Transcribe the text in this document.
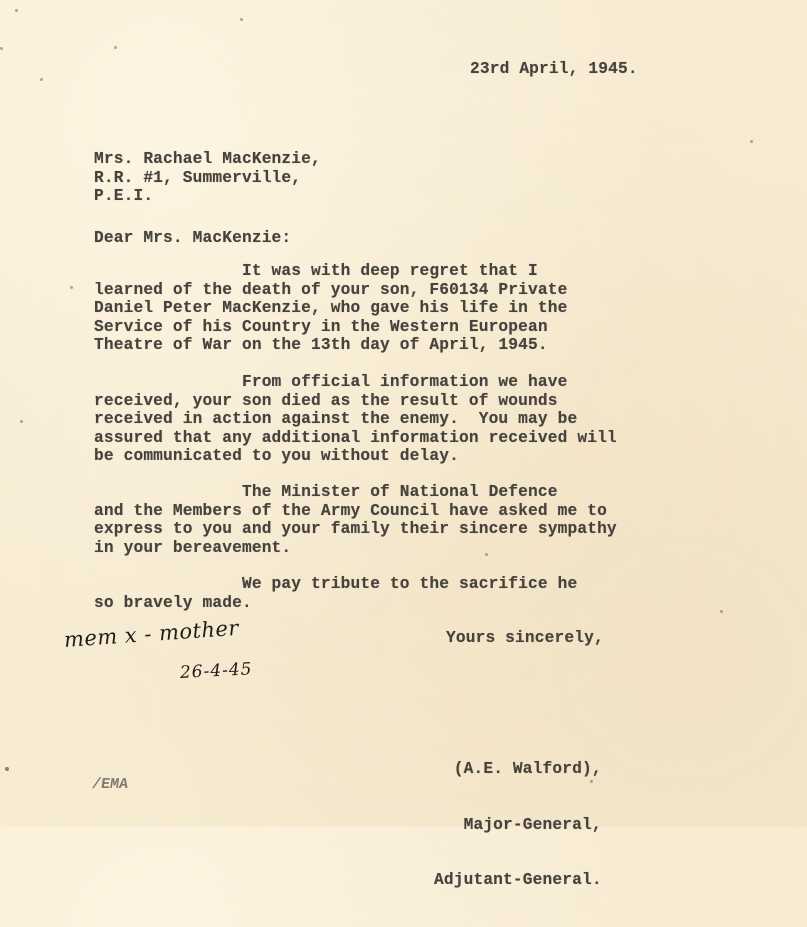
23rd April, 1945.
Mrs. Rachael MacKenzie,
R.R. #1, Summerville,
P.E.I.
Dear Mrs. MacKenzie:
It was with deep regret that I
learned of the death of your son, F60134 Private
Daniel Peter MacKenzie, who gave his life in the
Service of his Country in the Western European
Theatre of War on the 13th day of April, 1945.
From official information we have
received, your son died as the result of wounds
received in action against the enemy.  You may be
assured that any additional information received will
be communicated to you without delay.
The Minister of National Defence
and the Members of the Army Council have asked me to
express to you and your family their sincere sympathy
in your bereavement.
We pay tribute to the sacrifice he
so bravely made.
Yours sincerely,

(A.E. Walford),

Major-General,

Adjutant-General.

/EMA
mem x - mother
26-4-45
